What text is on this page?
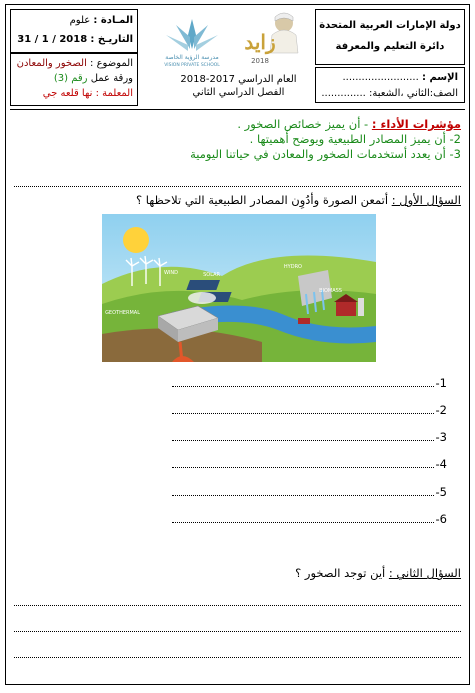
دولة الإمارات العربية المتحدة
دائرة التعليم والمعرفة
الإسم : ........................
الصف:الثاني ،الشعبة: ..............
زايد
2018
مدرسة الرؤية الخاصة
VISION PRIVATE SCHOOL
العام الدراسي 2017-2018
الفصل الدراسي الثاني
المـادة : علوم
التاريـخ : 31 / 1 / 2018
الموضوع : الصخور والمعادن
ورقة عمل رقم (3)
المعلمة : نها قلعه جي
مؤشرات الأداء : - أن يميز خصائص الصخور .
2- أن يميز المصادر الطبيعية ويوضح أهميتها .
3- أن يعدد أستخدمات الصخور والمعادن في حياتنا اليومية
السؤال الأول : أتمعن الصورة وأدُوِن المصادر الطبيعية التي تلاحظها ؟
WIND	SOLAR
HYDRO
BIOMASS
GEOTHERMAL
1-
2-
3-
4-
5-
6-
السؤال الثاني : أين توجد الصخور ؟
